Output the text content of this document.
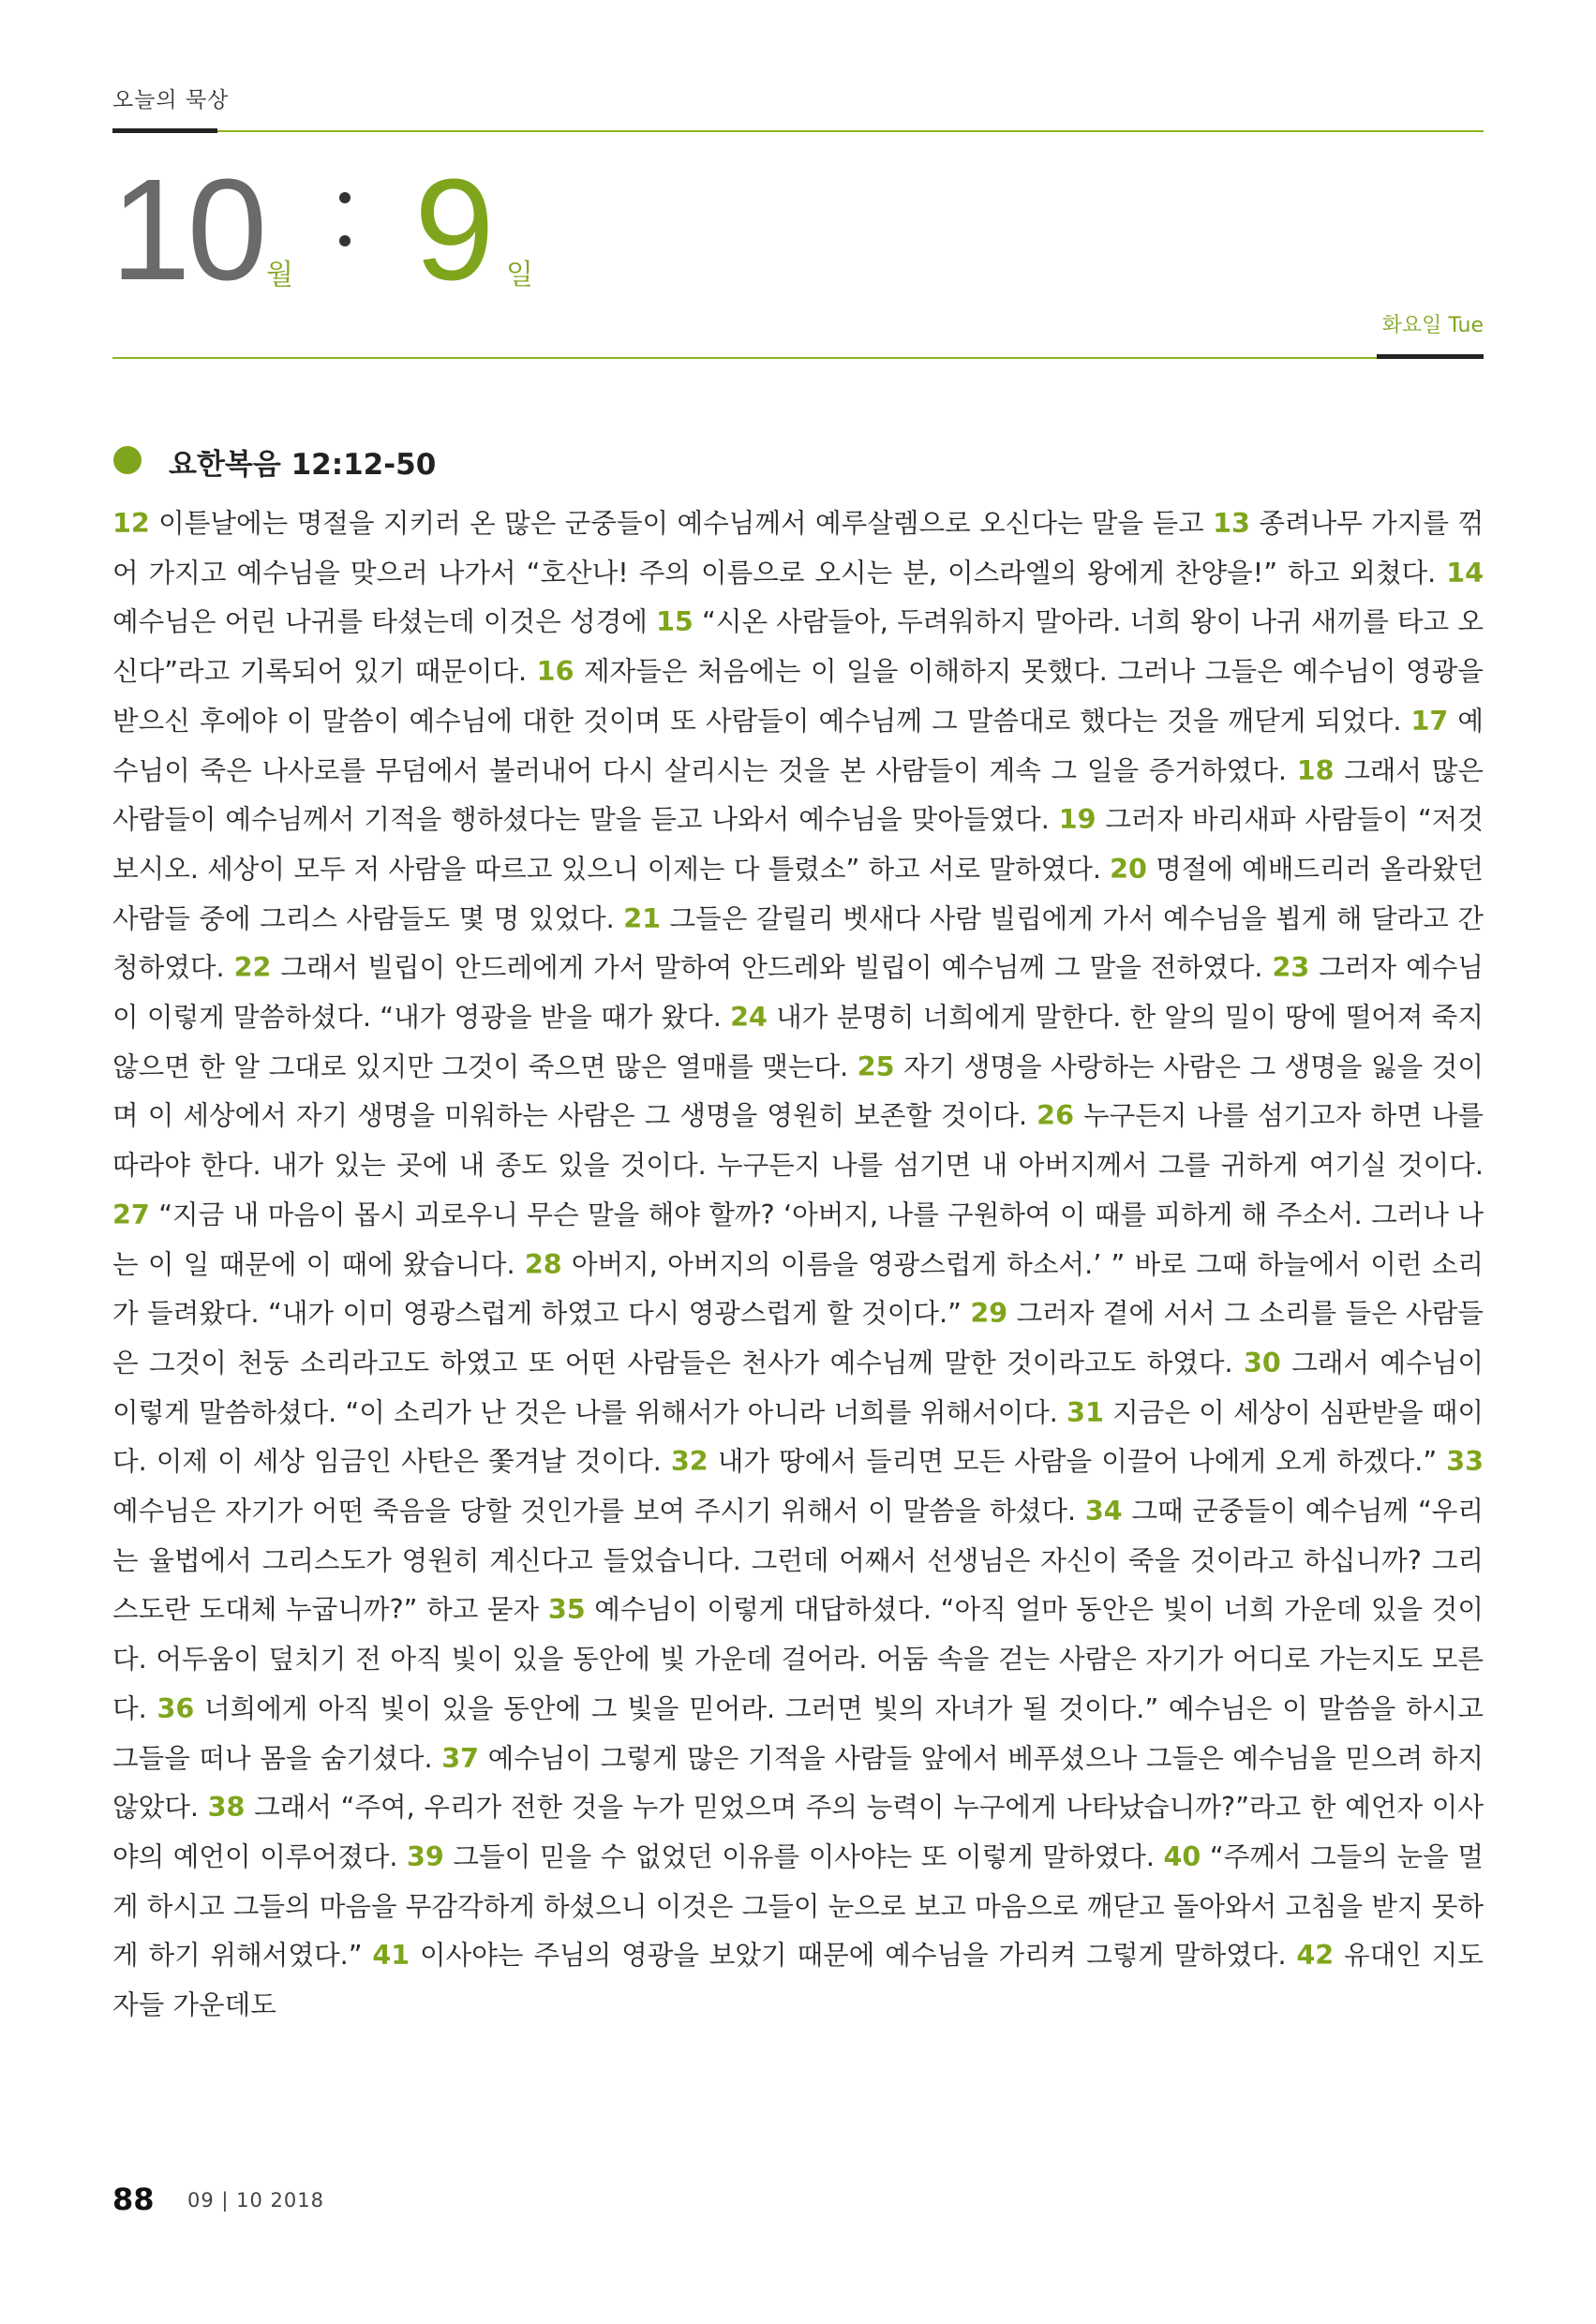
오늘의 묵상
10 월 9 일
화요일 Tue
요한복음 12:12-50

12 이튿날에는 명절을 지키러 온 많은 군중들이 예수님께서 예루살렘으로 오신다는 말을 듣고 13 종려나무 가지를 꺾어 가지고 예수님을 맞으러 나가서 “호산나! 주의 이름으로 오시는 분, 이스라엘의 왕에게 찬양을!” 하고 외쳤다. 14 예수님은 어린 나귀를 타셨는데 이것은 성경에 15 “시온 사람들아, 두려워하지 말아라. 너희 왕이 나귀 새끼를 타고 오신다”라고 기록되어 있기 때문이다. 16 제자들은 처음에는 이 일을 이해하지 못했다. 그러나 그들은 예수님이 영광을 받으신 후에야 이 말씀이 예수님에 대한 것이며 또 사람들이 예수님께 그 말씀대로 했다는 것을 깨닫게 되었다. 17 예수님이 죽은 나사로를 무덤에서 불러내어 다시 살리시는 것을 본 사람들이 계속 그 일을 증거하였다. 18 그래서 많은 사람들이 예수님께서 기적을 행하셨다는 말을 듣고 나와서 예수님을 맞아들였다. 19 그러자 바리새파 사람들이 “저것 보시오. 세상이 모두 저 사람을 따르고 있으니 이제는 다 틀렸소” 하고 서로 말하였다. 20 명절에 예배드리러 올라왔던 사람들 중에 그리스 사람들도 몇 명 있었다. 21 그들은 갈릴리 벳새다 사람 빌립에게 가서 예수님을 뵙게 해 달라고 간청하였다. 22 그래서 빌립이 안드레에게 가서 말하여 안드레와 빌립이 예수님께 그 말을 전하였다. 23 그러자 예수님이 이렇게 말씀하셨다. “내가 영광을 받을 때가 왔다. 24 내가 분명히 너희에게 말한다. 한 알의 밀이 땅에 떨어져 죽지 않으면 한 알 그대로 있지만 그것이 죽으면 많은 열매를 맺는다. 25 자기 생명을 사랑하는 사람은 그 생명을 잃을 것이며 이 세상에서 자기 생명을 미워하는 사람은 그 생명을 영원히 보존할 것이다. 26 누구든지 나를 섬기고자 하면 나를 따라야 한다. 내가 있는 곳에 내 종도 있을 것이다. 누구든지 나를 섬기면 내 아버지께서 그를 귀하게 여기실 것이다. 27 “지금 내 마음이 몹시 괴로우니 무슨 말을 해야 할까? ‘아버지, 나를 구원하여 이 때를 피하게 해 주소서. 그러나 나는 이 일 때문에 이 때에 왔습니다. 28 아버지, 아버지의 이름을 영광스럽게 하소서.’ ” 바로 그때 하늘에서 이런 소리가 들려왔다. “내가 이미 영광스럽게 하였고 다시 영광스럽게 할 것이다.” 29 그러자 곁에 서서 그 소리를 들은 사람들은 그것이 천둥 소리라고도 하였고 또 어떤 사람들은 천사가 예수님께 말한 것이라고도 하였다. 30 그래서 예수님이 이렇게 말씀하셨다. “이 소리가 난 것은 나를 위해서가 아니라 너희를 위해서이다. 31 지금은 이 세상이 심판받을 때이다. 이제 이 세상 임금인 사탄은 쫓겨날 것이다. 32 내가 땅에서 들리면 모든 사람을 이끌어 나에게 오게 하겠다.” 33 예수님은 자기가 어떤 죽음을 당할 것인가를 보여 주시기 위해서 이 말씀을 하셨다. 34 그때 군중들이 예수님께 “우리는 율법에서 그리스도가 영원히 계신다고 들었습니다. 그런데 어째서 선생님은 자신이 죽을 것이라고 하십니까? 그리스도란 도대체 누굽니까?” 하고 묻자 35 예수님이 이렇게 대답하셨다. “아직 얼마 동안은 빛이 너희 가운데 있을 것이다. 어두움이 덮치기 전 아직 빛이 있을 동안에 빛 가운데 걸어라. 어둠 속을 걷는 사람은 자기가 어디로 가는지도 모른다. 36 너희에게 아직 빛이 있을 동안에 그 빛을 믿어라. 그러면 빛의 자녀가 될 것이다.” 예수님은 이 말씀을 하시고 그들을 떠나 몸을 숨기셨다. 37 예수님이 그렇게 많은 기적을 사람들 앞에서 베푸셨으나 그들은 예수님을 믿으려 하지 않았다. 38 그래서 “주여, 우리가 전한 것을 누가 믿었으며 주의 능력이 누구에게 나타났습니까?”라고 한 예언자 이사야의 예언이 이루어졌다. 39 그들이 믿을 수 없었던 이유를 이사야는 또 이렇게 말하였다. 40 “주께서 그들의 눈을 멀게 하시고 그들의 마음을 무감각하게 하셨으니 이것은 그들이 눈으로 보고 마음으로 깨닫고 돌아와서 고침을 받지 못하게 하기 위해서였다.” 41 이사야는 주님의 영광을 보았기 때문에 예수님을 가리켜 그렇게 말하였다. 42 유대인 지도자들 가운데도

88 09 | 10 2018
